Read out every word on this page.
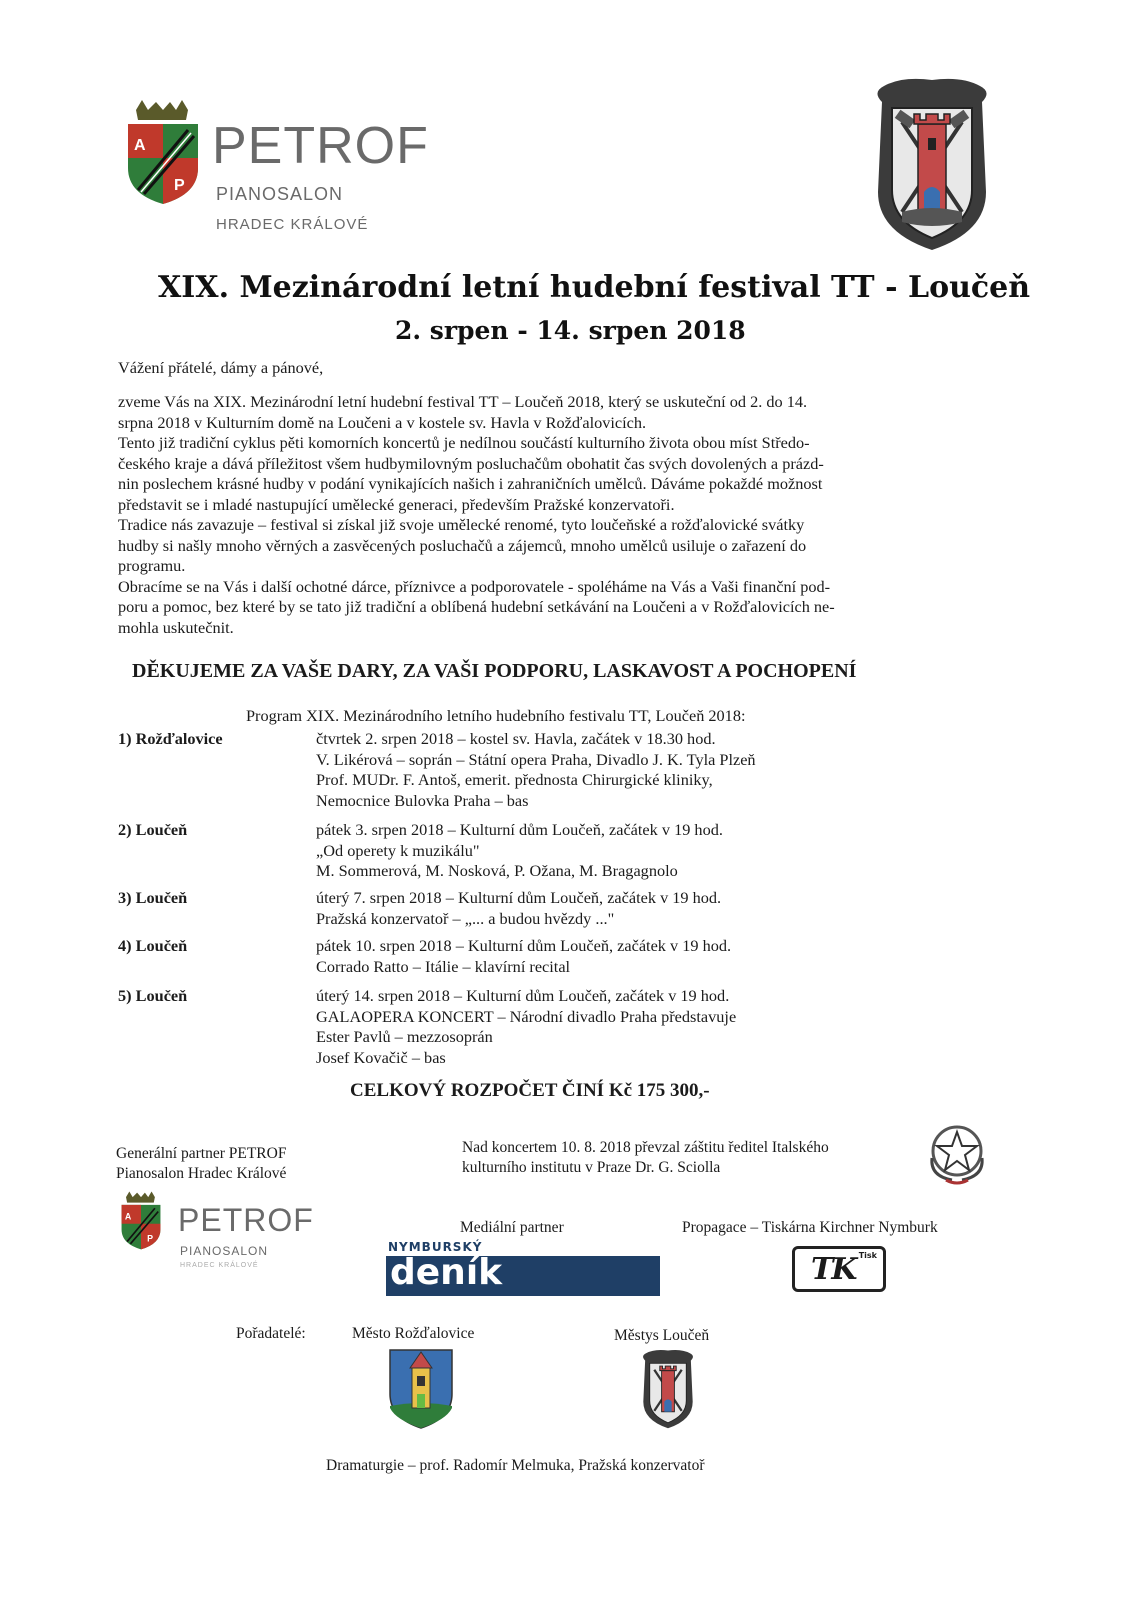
A
P
PETROF
PIANOSALON
HRADEC KRÁLOVÉ
XIX. Mezinárodní letní hudební festival TT - Loučeň
2. srpen - 14. srpen 2018
Vážení přátelé, dámy a pánové,

zveme Vás na XIX. Mezinárodní letní hudební festival TT – Loučeň 2018, který se uskuteční od 2. do 14.

srpna 2018 v Kulturním domě na Loučeni a v kostele sv. Havla v Rožďalovicích.

Tento již tradiční cyklus pěti komorních koncertů je nedílnou součástí kulturního života obou míst Středo-

českého kraje a dává příležitost všem hudbymilovným posluchačům obohatit čas svých dovolených a prázd-

nin poslechem krásné hudby v podání vynikajících našich i zahraničních umělců. Dáváme pokaždé možnost

představit se i mladé nastupující umělecké generaci, především Pražské konzervatoři.

Tradice nás zavazuje – festival si získal již svoje umělecké renomé, tyto loučeňské a rožďalovické svátky

hudby si našly mnoho věrných a zasvěcených posluchačů a zájemců, mnoho umělců usiluje o zařazení do

programu.

Obracíme se na Vás i další ochotné dárce, příznivce a podporovatele - spoléháme na Vás a Vaši finanční pod-

poru a pomoc, bez které by se tato již tradiční a oblíbená hudební setkávání na Loučeni a v Rožďalovicích ne-

mohla uskutečnit.

DĚKUJEME ZA VAŠE DARY, ZA VAŠI PODPORU, LASKAVOST A POCHOPENÍ
Program XIX. Mezinárodního letního hudebního festivalu TT, Loučeň 2018:
1) Rožďalovice	čtvrtek 2. srpen 2018 – kostel sv. Havla, začátek v 18.30 hod.
V. Likérová – soprán – Státní opera Praha, Divadlo J. K. Tyla Plzeň
Prof. MUDr. F. Antoš, emerit. přednosta Chirurgické kliniky,
Nemocnice Bulovka Praha – bas
2) Loučeň	pátek 3. srpen 2018 – Kulturní dům Loučeň, začátek v 19 hod.
„Od operety k muzikálu"
M. Sommerová, M. Nosková, P. Ožana, M. Bragagnolo
3) Loučeň	úterý 7. srpen 2018 – Kulturní dům Loučeň, začátek v 19 hod.
Pražská konzervatoř – „... a budou hvězdy ..."
4) Loučeň	pátek 10. srpen 2018 – Kulturní dům Loučeň, začátek v 19 hod.
Corrado Ratto – Itálie – klavírní recital
5) Loučeň	úterý 14. srpen 2018 – Kulturní dům Loučeň, začátek v 19 hod.
GALAOPERA KONCERT – Národní divadlo Praha představuje
Ester Pavlů – mezzosoprán
Josef Kovačič – bas
CELKOVÝ ROZPOČET ČINÍ Kč 175 300,-
Generální partner PETROF
Pianosalon Hradec Králové
Nad koncertem 10. 8. 2018 převzal záštitu ředitel Italského
kulturního institutu v Praze Dr. G. Sciolla
A
P
PETROF
PIANOSALON
HRADEC KRÁLOVÉ
Mediální partner
NYMBURSKÝ
deník
Propagace – Tiskárna Kirchner Nymburk
Tisk
TK
Pořadatelé:	Město Rožďalovice	Městys Loučeň
Dramaturgie – prof. Radomír Melmuka, Pražská konzervatoř
